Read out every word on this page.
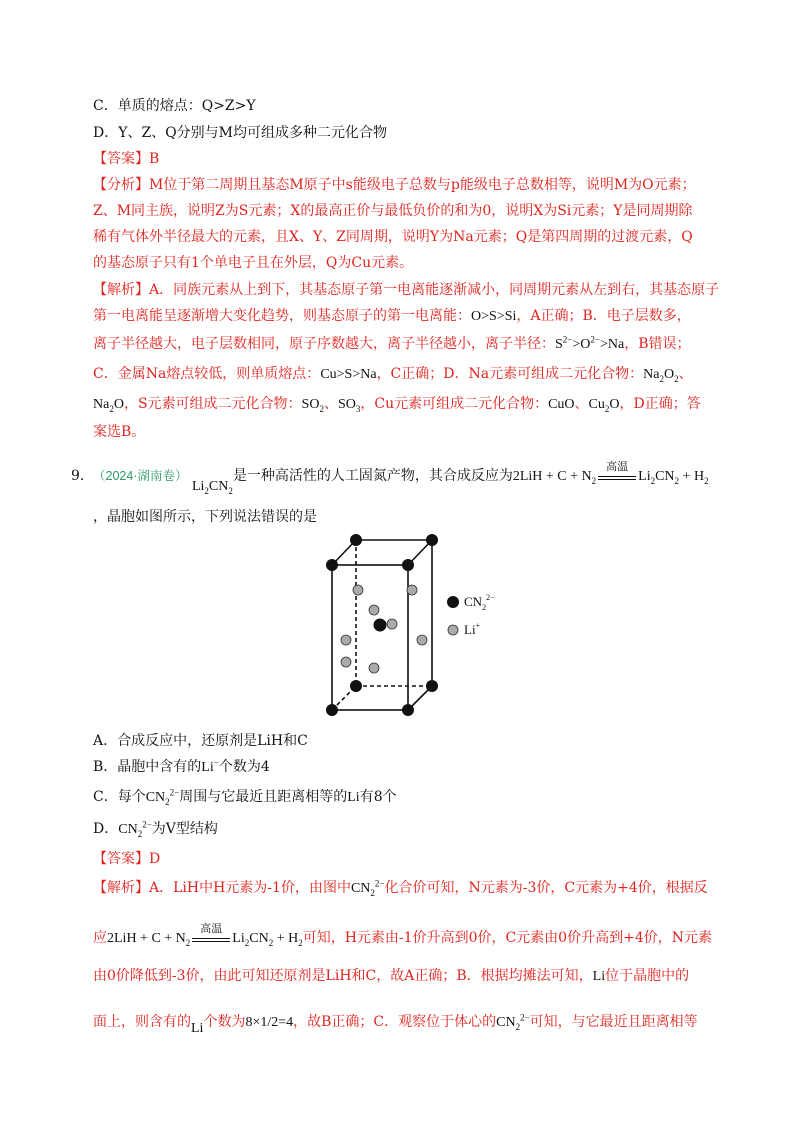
C．单质的熔点：Q>Z>Y
D．Y、Z、Q分别与M均可组成多种二元化合物
【答案】B
【分析】M位于第二周期且基态M原子中s能级电子总数与p能级电子总数相等，说明M为O元素；
Z、M同主族，说明Z为S元素；X的最高正价与最低负价的和为0，说明X为Si元素；Y是同周期除
稀有气体外半径最大的元素，且X、Y、Z同周期，说明Y为Na元素；Q是第四周期的过渡元素，Q
的基态原子只有1个单电子且在外层，Q为Cu元素。
【解析】A．同族元素从上到下，其基态原子第一电离能逐渐减小，同周期元素从左到右，其基态原子
第一电离能呈逐渐增大变化趋势，则基态原子的第一电离能：O>S>Si，A正确；B．电子层数多，
离子半径越大，电子层数相同，原子序数越大，离子半径越小，离子半径：$S^{2-}>O^{2-}>Na$，B错误；
C．金属Na熔点较低，则单质熔点：Cu>S>Na，C正确；D．Na元素可组成二元化合物：$Na_2O_2$、
$Na_2O$，S元素可组成二元化合物：$SO_2$、$SO_3$，Cu元素可组成二元化合物：CuO、$Cu_2O$，D正确；答
案选B。
9. （2024·湖南卷） $Li_2CN_2$是一种高活性的人工固氮产物，其合成反应为$2LiH + C + N_2$
高温
$Li_2CN_2 + H_2$
，晶胞如图所示，下列说法错误的是
$CN_2^{2-}$
Li+
A．合成反应中，还原剂是LiH和C
B．晶胞中含有的Li−个数为4
C．每个$CN_2^{2-}$周围与它最近且距离相等的Li有8个
D．$CN_2^{2-}$为V型结构
【答案】D
【解析】A．LiH中H元素为-1价，由图中$CN_2^{2-}$化合价可知，N元素为-3价，C元素为+4价，根据反
应$2LiH + C + N_2$
高温
$Li_2CN_2 + H_2$可知，H元素由-1价升高到0价，C元素由0价升高到+4价，N元素
由0价降低到-3价，由此可知还原剂是LiH和C，故A正确；B．根据均摊法可知，Li位于晶胞中的
面上，则含有的Li个数为8×1/2=4，故B正确；C．观察位于体心的$CN_2^{2-}$可知，与它最近且距离相等
